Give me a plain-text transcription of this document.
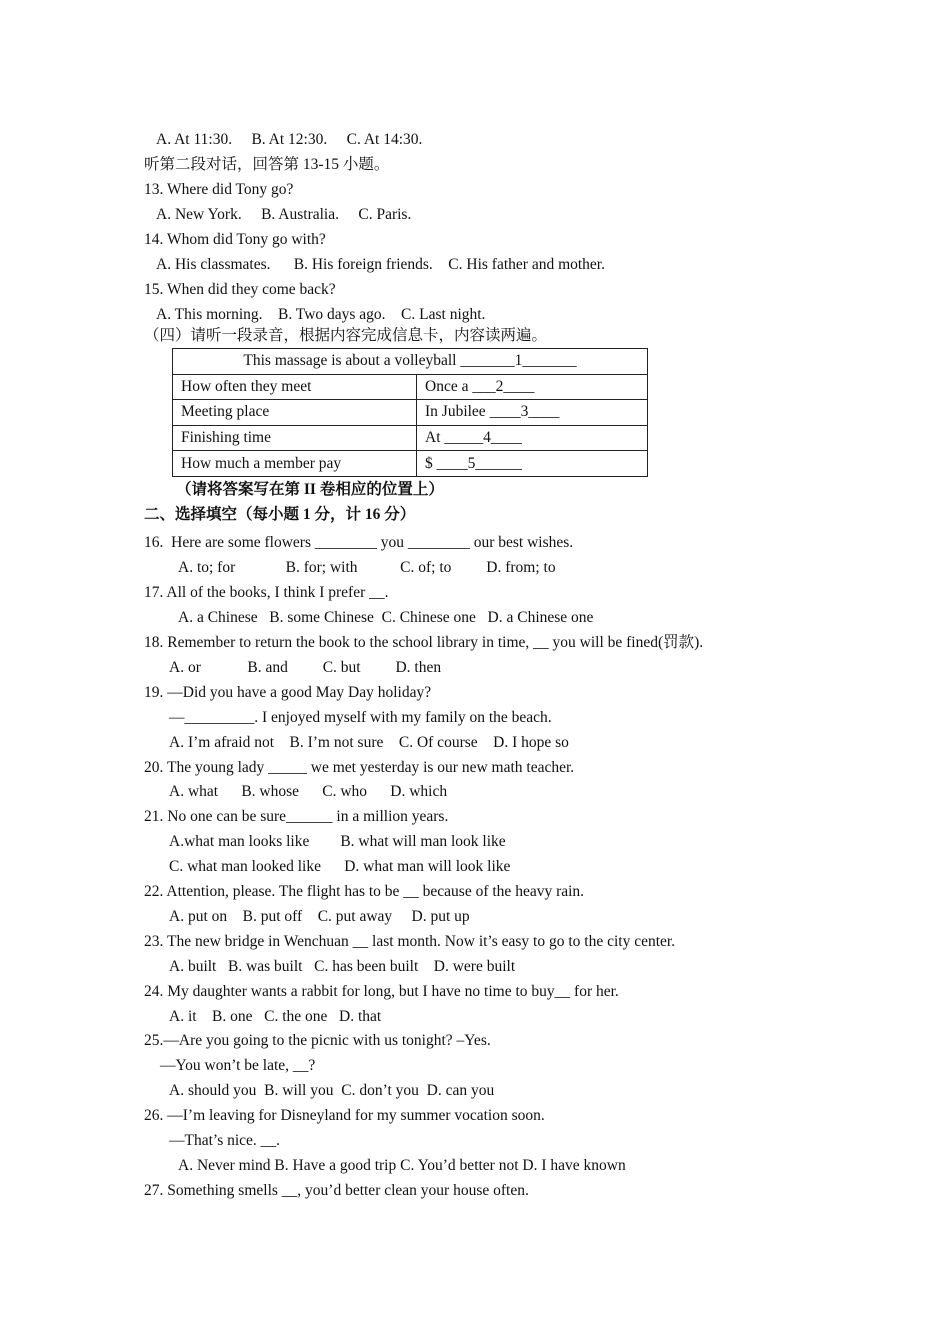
A. At 11:30.     B. At 12:30.     C. At 14:30.
听第二段对话，回答第 13-15 小题。
13. Where did Tony go?
A. New York.     B. Australia.     C. Paris.
14. Whom did Tony go with?
A. His classmates.      B. His foreign friends.    C. His father and mother.
15. When did they come back?
A. This morning.    B. Two days ago.    C. Last night.
（四）请听一段录音，根据内容完成信息卡，内容读两遍。
This massage is about a volleyball _______1_______	
How often they meet	Once a ___2____
Meeting place	In Jubilee ____3____
Finishing time	At _____4____
How much a member pay	$ ____5______
（请将答案写在第 II 卷相应的位置上）
二、选择填空（每小题 1 分，计 16 分）
16.  Here are some flowers ________ you ________ our best wishes.
A. to; for             B. for; with           C. of; to         D. from; to
17. All of the books, I think I prefer __.
A. a Chinese   B. some Chinese  C. Chinese one   D. a Chinese one
18. Remember to return the book to the school library in time, __ you will be fined(罚款).
A. or            B. and         C. but         D. then
19. —Did you have a good May Day holiday?
—_________. I enjoyed myself with my family on the beach.
A. I’m afraid not    B. I’m not sure    C. Of course    D. I hope so
20. The young lady _____ we met yesterday is our new math teacher.
A. what      B. whose      C. who      D. which
21. No one can be sure______ in a million years.
A.what man looks like        B. what will man look like
C. what man looked like      D. what man will look like
22. Attention, please. The flight has to be __ because of the heavy rain.
A. put on    B. put off    C. put away     D. put up
23. The new bridge in Wenchuan __ last month. Now it’s easy to go to the city center.
A. built   B. was built   C. has been built    D. were built
24. My daughter wants a rabbit for long, but I have no time to buy__ for her.
A. it    B. one   C. the one   D. that
25.—Are you going to the picnic with us tonight? –Yes.
—You won’t be late, __?
A. should you  B. will you  C. don’t you  D. can you
26. —I’m leaving for Disneyland for my summer vocation soon.
—That’s nice. __.
A. Never mind B. Have a good trip C. You’d better not D. I have known
27. Something smells __, you’d better clean your house often.
